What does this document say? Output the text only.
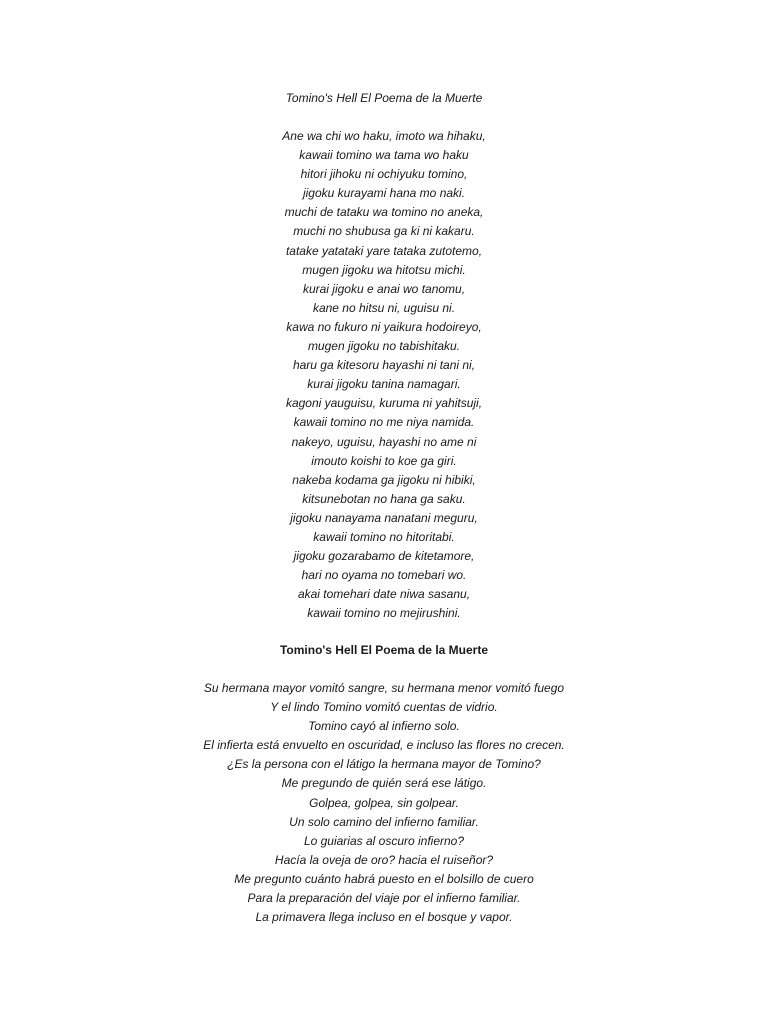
Tomino's Hell El Poema de la Muerte
Ane wa chi wo haku, imoto wa hihaku,
kawaii tomino wa tama wo haku
hitori jihoku ni ochiyuku tomino,
jigoku kurayami hana mo naki.
muchi de tataku wa tomino no aneka,
muchi no shubusa ga ki ni kakaru.
tatake yatataki yare tataka zutotemo,
mugen jigoku wa hitotsu michi.
kurai jigoku e anai wo tanomu,
kane no hitsu ni, uguisu ni.
kawa no fukuro ni yaikura hodoireyo,
mugen jigoku no tabishitaku.
haru ga kitesoru hayashi ni tani ni,
kurai jigoku tanina namagari.
kagoni yauguisu, kuruma ni yahitsuji,
kawaii tomino no me niya namida.
nakeyo, uguisu, hayashi no ame ni
imouto koishi to koe ga giri.
nakeba kodama ga jigoku ni hibiki,
kitsunebotan no hana ga saku.
jigoku nanayama nanatani meguru,
kawaii tomino no hitoritabi.
jigoku gozarabamo de kitetamore,
hari no oyama no tomebari wo.
akai tomehari date niwa sasanu,
kawaii tomino no mejirushini.
Tomino's Hell El Poema de la Muerte
Su hermana mayor vomitó sangre, su hermana menor vomitó fuego
Y el lindo Tomino vomitó cuentas de vidrio.
Tomino cayó al infierno solo.
El infierta está envuelto en oscuridad, e incluso las flores no crecen.
¿Es la persona con el látigo la hermana mayor de Tomino?
Me pregundo de quién será ese látigo.
Golpea, golpea, sin golpear.
Un solo camino del infierno familiar.
Lo guiarias al oscuro infierno?
Hacía la oveja de oro? hacia el ruiseñor?
Me pregunto cuánto habrá puesto en el bolsillo de cuero
Para la preparación del viaje por el infierno familiar.
La primavera llega incluso en el bosque y vapor.
